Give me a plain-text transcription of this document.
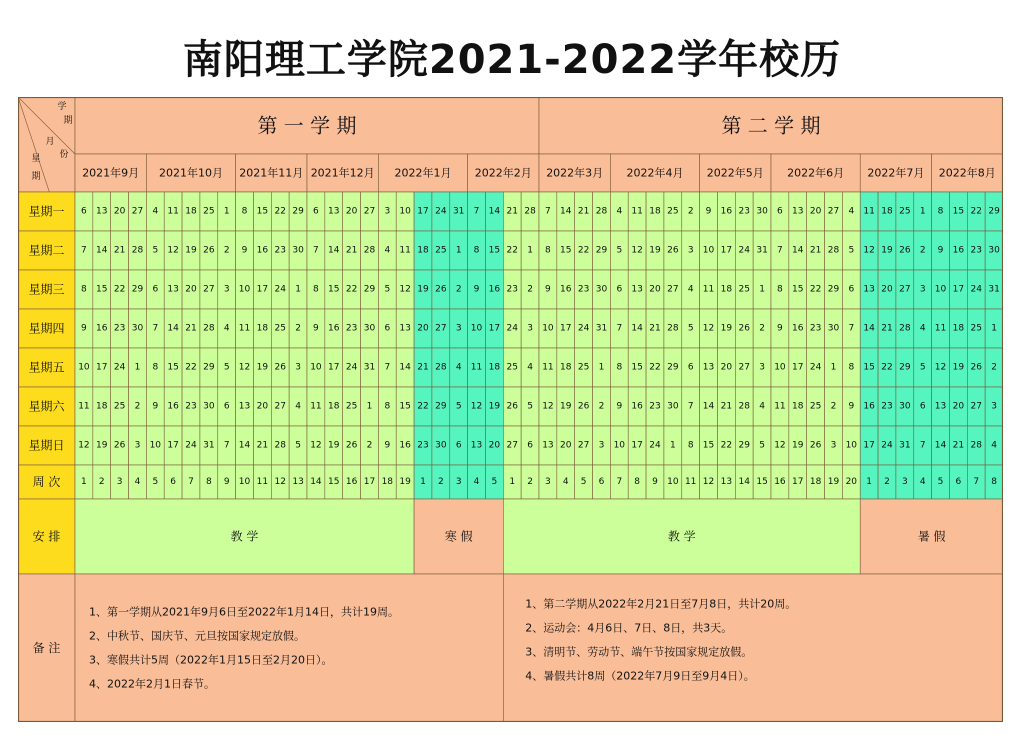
南阳理工学院2021-2022学年校历
学
期
月
份
星
期
第 一 学 期	第 二 学 期
2021年9月 2021年10月 2021年11月 2021年12月 2022年1月 2022年2月 2022年3月 2022年4月 2022年5月 2022年6月 2022年7月 2022年8月
星期一 6 13 20 27 4 11 18 25 1 8 15 22 29 6 13 20 27 3 10 17 24 31 7 14 21 28 7 14 21 28 4 11 18 25 2 9 16 23 30 6 13 20 27 4 11 18 25 1 8 15 22 29
星期二 7 14 21 28 5 12 19 26 2 9 16 23 30 7 14 21 28 4 11 18 25 1 8 15 22 1 8 15 22 29 5 12 19 26 3 10 17 24 31 7 14 21 28 5 12 19 26 2 9 16 23 30
星期三 8 15 22 29 6 13 20 27 3 10 17 24 1 8 15 22 29 5 12 19 26 2 9 16 23 2 9 16 23 30 6 13 20 27 4 11 18 25 1 8 15 22 29 6 13 20 27 3 10 17 24 31
星期四 9 16 23 30 7 14 21 28 4 11 18 25 2 9 16 23 30 6 13 20 27 3 10 17 24 3 10 17 24 31 7 14 21 28 5 12 19 26 2 9 16 23 30 7 14 21 28 4 11 18 25 1
星期五 10 17 24 1 8 15 22 29 5 12 19 26 3 10 17 24 31 7 14 21 28 4 11 18 25 4 11 18 25 1 8 15 22 29 6 13 20 27 3 10 17 24 1 8 15 22 29 5 12 19 26 2
星期六 11 18 25 2 9 16 23 30 6 13 20 27 4 11 18 25 1 8 15 22 29 5 12 19 26 5 12 19 26 2 9 16 23 30 7 14 21 28 4 11 18 25 2 9 16 23 30 6 13 20 27 3
星期日 12 19 26 3 10 17 24 31 7 14 21 28 5 12 19 26 2 9 16 23 30 6 13 20 27 6 13 20 27 3 10 17 24 1 8 15 22 29 5 12 19 26 3 10 17 24 31 7 14 21 28 4
周 次 1 2 3 4 5 6 7 8 9 10 11 12 13 14 15 16 17 18 19 1 2 3 4 5 1 2 3 4 5 6 7 8 9 10 11 12 13 14 15 16 17 18 19 20 1 2 3 4 5 6 7 8
安 排	教 学	寒 假	教 学	暑 假
备 注
1、第一学期从2021年9月6日至2022年1月14日，共计19周。
2、中秋节、国庆节、元旦按国家规定放假。
3、寒假共计5周（2022年1月15日至2月20日）。
4、2022年2月1日春节。
1、第二学期从2022年2月21日至7月8日，共计20周。
2、运动会：4月6日、7日、8日，共3天。
3、清明节、劳动节、端午节按国家规定放假。
4、暑假共计8周（2022年7月9日至9月4日）。
